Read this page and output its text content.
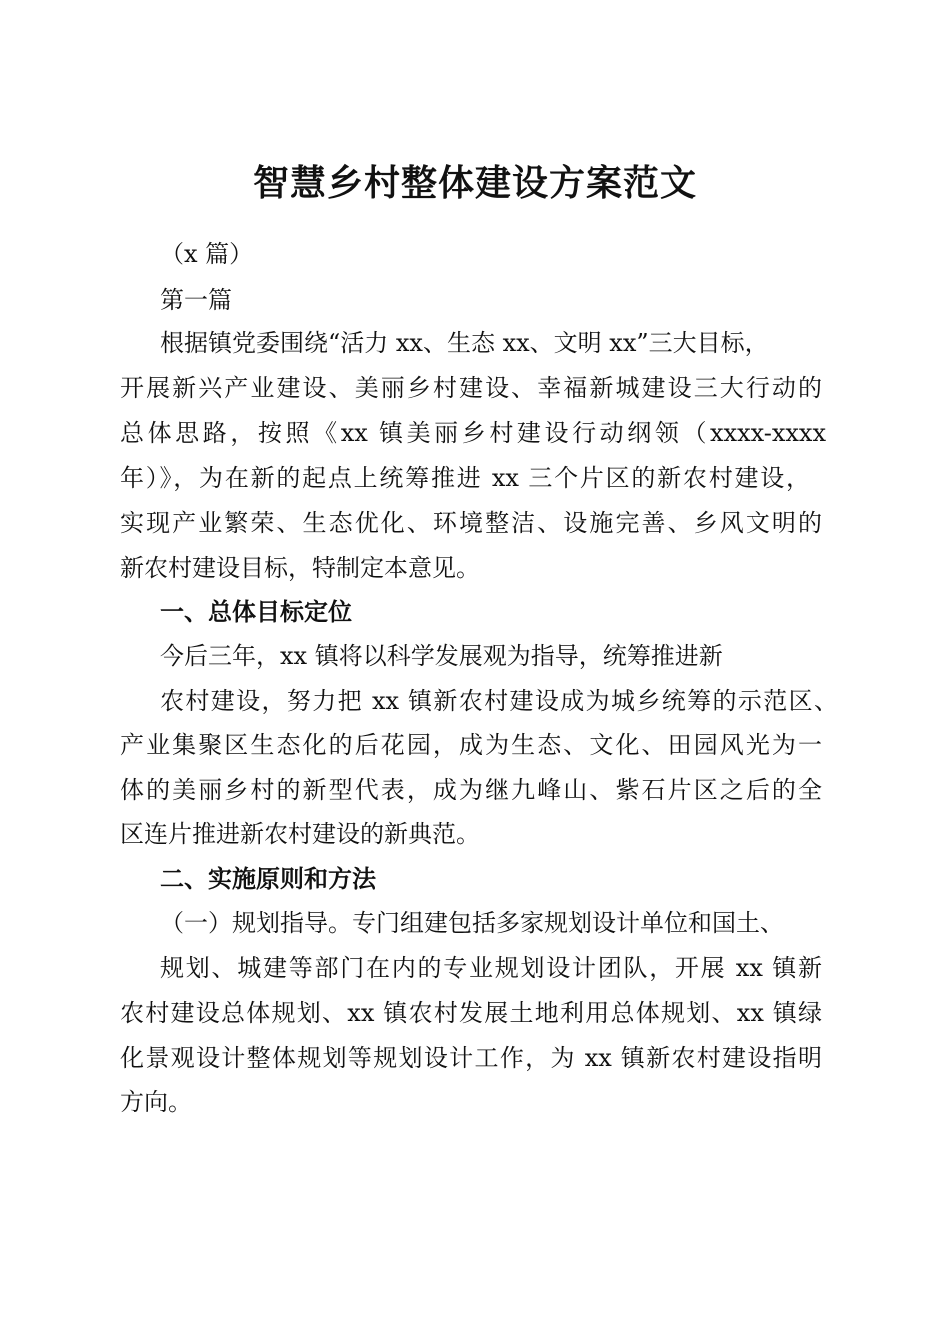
智慧乡村整体建设方案范文

（x 篇）

第一篇

根据镇党委围绕“活力 xx、生态 xx、文明 xx”三大目标，

开展新兴产业建设、美丽乡村建设、幸福新城建设三大行动的

总体思路，按照《xx 镇美丽乡村建设行动纲领（xxxx-xxxx

年）》，为在新的起点上统筹推进 xx 三个片区的新农村建设，

实现产业繁荣、生态优化、环境整洁、设施完善、乡风文明的

新农村建设目标，特制定本意见。

一、总体目标定位

今后三年，xx 镇将以科学发展观为指导，统筹推进新

农村建设，努力把 xx 镇新农村建设成为城乡统筹的示范区、

产业集聚区生态化的后花园，成为生态、文化、田园风光为一

体的美丽乡村的新型代表，成为继九峰山、紫石片区之后的全

区连片推进新农村建设的新典范。

二、实施原则和方法

（一）规划指导。专门组建包括多家规划设计单位和国土、

规划、城建等部门在内的专业规划设计团队，开展 xx 镇新

农村建设总体规划、xx 镇农村发展土地利用总体规划、xx 镇绿

化景观设计整体规划等规划设计工作，为 xx 镇新农村建设指明

方向。
